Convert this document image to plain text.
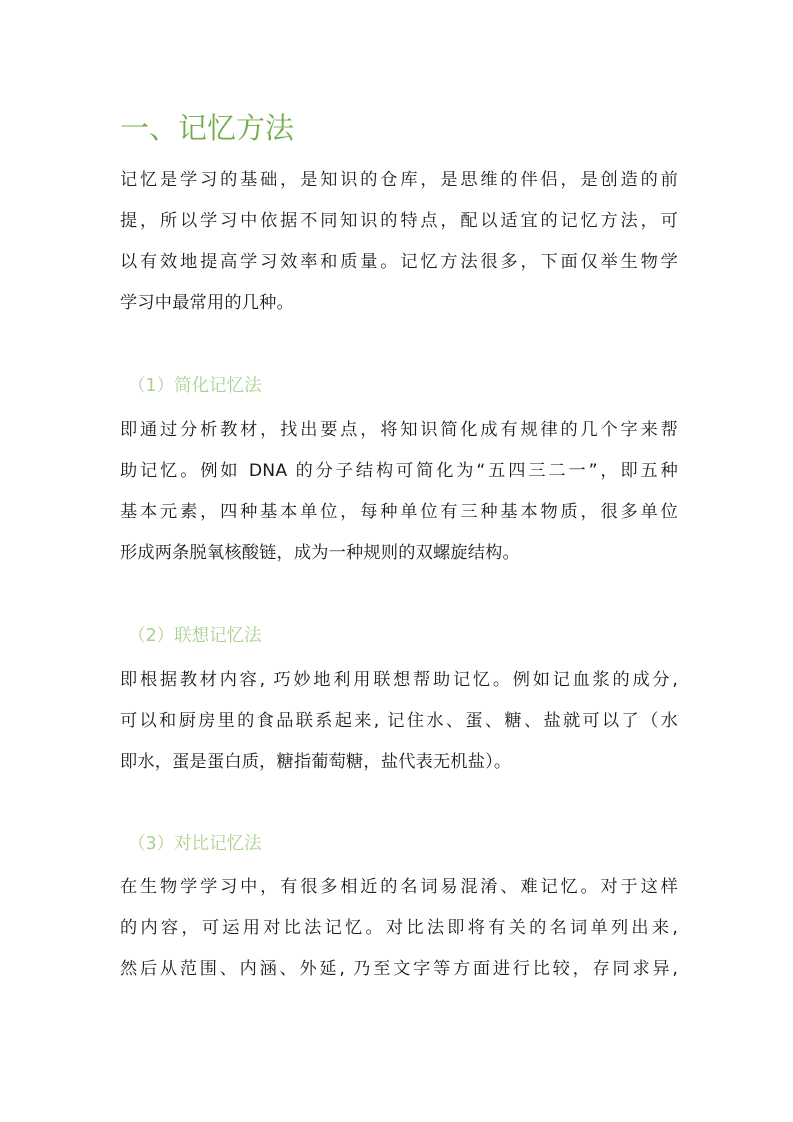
一、记忆方法

记忆是学习的基础，是知识的仓库，是思维的伴侣，是创造的前
提，所以学习中依据不同知识的特点，配以适宜的记忆方法，可
以有效地提高学习效率和质量。记忆方法很多，下面仅举生物学
学习中最常用的几种。

（1）简化记忆法

即通过分析教材，找出要点，将知识简化成有规律的几个字来帮
助记忆。例如 DNA 的分子结构可简化为“五四三二一”，即五种
基本元素，四种基本单位，每种单位有三种基本物质，很多单位
形成两条脱氧核酸链，成为一种规则的双螺旋结构。

（2）联想记忆法

即根据教材内容, 巧妙地利用联想帮助记忆。例如记血浆的成分,
可以和厨房里的食品联系起来, 记住水、蛋、糖、盐就可以了（水
即水，蛋是蛋白质，糖指葡萄糖，盐代表无机盐）。

（3）对比记忆法

在生物学学习中，有很多相近的名词易混淆、难记忆。对于这样
的内容，可运用对比法记忆。对比法即将有关的名词单列出来,
然后从范围、内涵、外延, 乃至文字等方面进行比较，存同求异,
